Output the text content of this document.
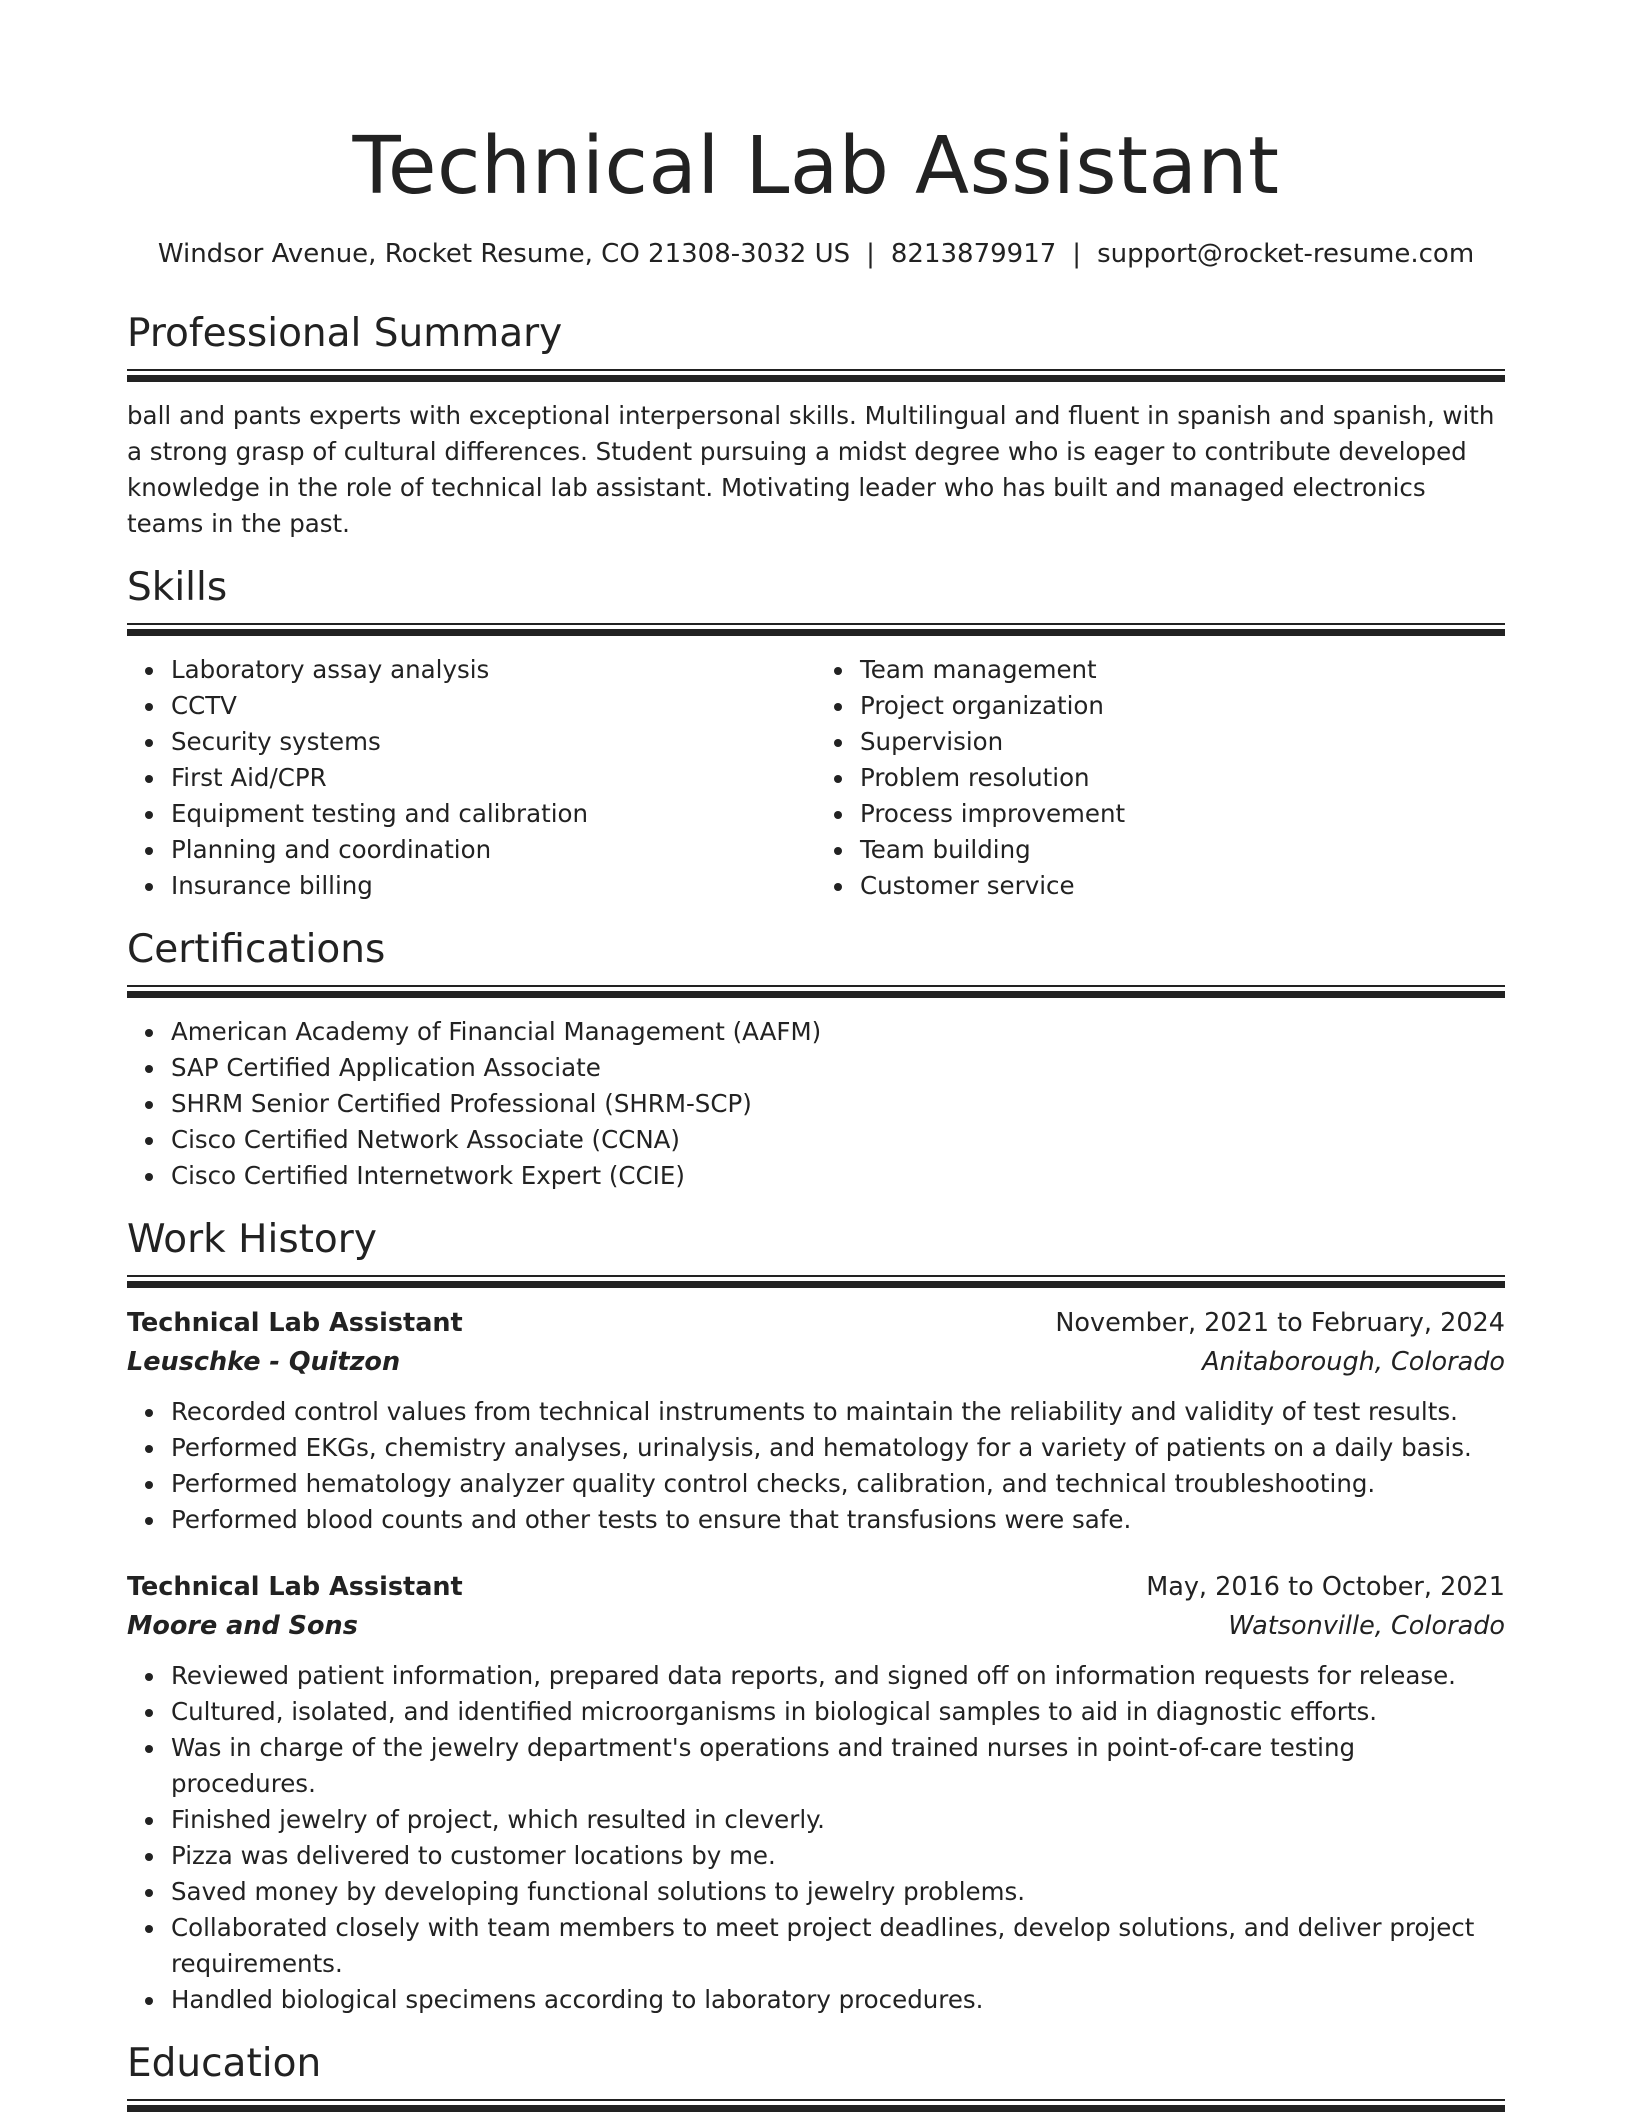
Technical Lab Assistant
Windsor Avenue, Rocket Resume, CO 21308-3032 US | 8213879917 | support@rocket-resume.com
Professional Summary

ball and pants experts with exceptional interpersonal skills. Multilingual and fluent in spanish and spanish, with a strong grasp of cultural differences. Student pursuing a midst degree who is eager to contribute developed knowledge in the role of technical lab assistant. Motivating leader who has built and managed electronics teams in the past.

Skills
Laboratory assay analysis
CCTV
Security systems
First Aid/CPR
Equipment testing and calibration
Planning and coordination
Insurance billing
Team management
Project organization
Supervision
Problem resolution
Process improvement
Team building
Customer service
Certifications
American Academy of Financial Management (AAFM)
SAP Certified Application Associate
SHRM Senior Certified Professional (SHRM-SCP)
Cisco Certified Network Associate (CCNA)
Cisco Certified Internetwork Expert (CCIE)
Work History
Technical Lab Assistant	November, 2021 to February, 2024
Leuschke - Quitzon	Anitaborough, Colorado
Recorded control values from technical instruments to maintain the reliability and validity of test results.
Performed EKGs, chemistry analyses, urinalysis, and hematology for a variety of patients on a daily basis.
Performed hematology analyzer quality control checks, calibration, and technical troubleshooting.
Performed blood counts and other tests to ensure that transfusions were safe.
Technical Lab Assistant	May, 2016 to October, 2021
Moore and Sons	Watsonville, Colorado
Reviewed patient information, prepared data reports, and signed off on information requests for release.
Cultured, isolated, and identified microorganisms in biological samples to aid in diagnostic efforts.
Was in charge of the jewelry department's operations and trained nurses in point-of-care testing procedures.
Finished jewelry of project, which resulted in cleverly.
Pizza was delivered to customer locations by me.
Saved money by developing functional solutions to jewelry problems.
Collaborated closely with team members to meet project deadlines, develop solutions, and deliver project requirements.
Handled biological specimens according to laboratory procedures.
Education
